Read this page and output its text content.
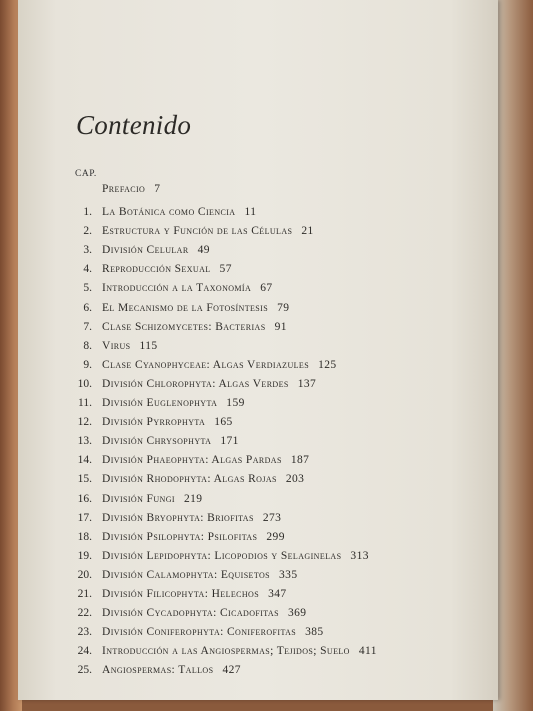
Contenido
CAP.
Prefacio 7
1. La Botánica como Ciencia 11
2. Estructura y Función de las Células 21
3. División Celular 49
4. Reproducción Sexual 57
5. Introducción a la Taxonomía 67
6. El Mecanismo de la Fotosíntesis 79
7. Clase Schizomycetes: Bacterias 91
8. Virus 115
9. Clase Cyanophyceae: Algas Verdiazules 125
10. División Chlorophyta: Algas Verdes 137
11. División Euglenophyta 159
12. División Pyrrophyta 165
13. División Chrysophyta 171
14. División Phaeophyta: Algas Pardas 187
15. División Rhodophyta: Algas Rojas 203
16. División Fungi 219
17. División Bryophyta: Briofitas 273
18. División Psilophyta: Psilofitas 299
19. División Lepidophyta: Licopodios y Selaginelas 313
20. División Calamophyta: Equisetos 335
21. División Filicophyta: Helechos 347
22. División Cycadophyta: Cicadofitas 369
23. División Coniferophyta: Coniferofitas 385
24. Introducción a las Angiospermas; Tejidos; Suelo 411
25. Angiospermas: Tallos 427
